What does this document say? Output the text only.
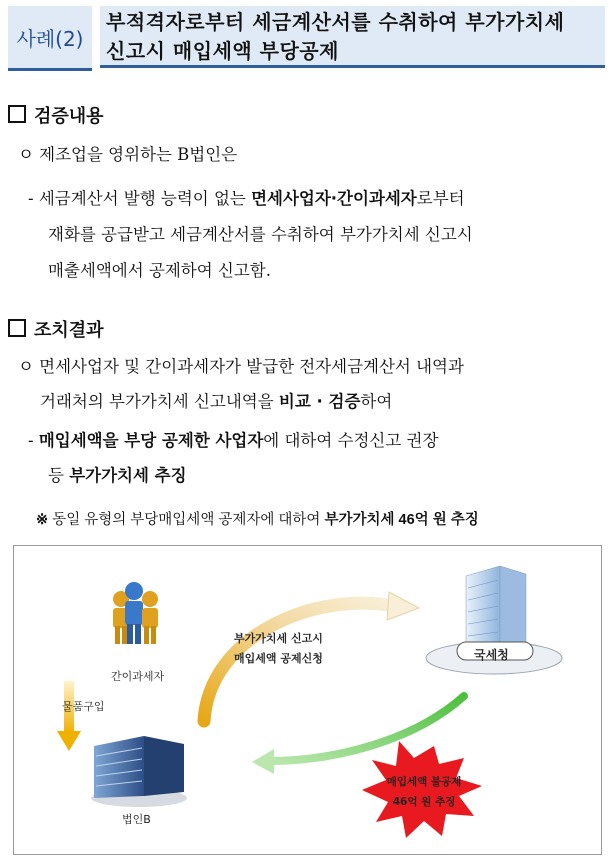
사례(2)
부적격자로부터 세금계산서를 수취하여 부가가치세
신고시 매입세액 부당공제
검증내용
ㅇ 제조업을 영위하는 B법인은
- 세금계산서 발행 능력이 없는 면세사업자·간이과세자로부터
재화를 공급받고 세금계산서를 수취하여 부가가치세 신고시
매출세액에서 공제하여 신고함.
조치결과
ㅇ 면세사업자 및 간이과세자가 발급한 전자세금계산서 내역과
거래처의 부가가치세 신고내역을 비교 · 검증하여
- 매입세액을 부당 공제한 사업자에 대하여 수정신고 권장
등 부가가치세 추징
※ 동일 유형의 부당매입세액 공제자에 대하여 부가가치세 46억 원 추징
간이과세자
물품구입
법인B
국세청
부가가치세 신고시
매입세액 공제신청
매입세액 불공제
46억 원 추징
